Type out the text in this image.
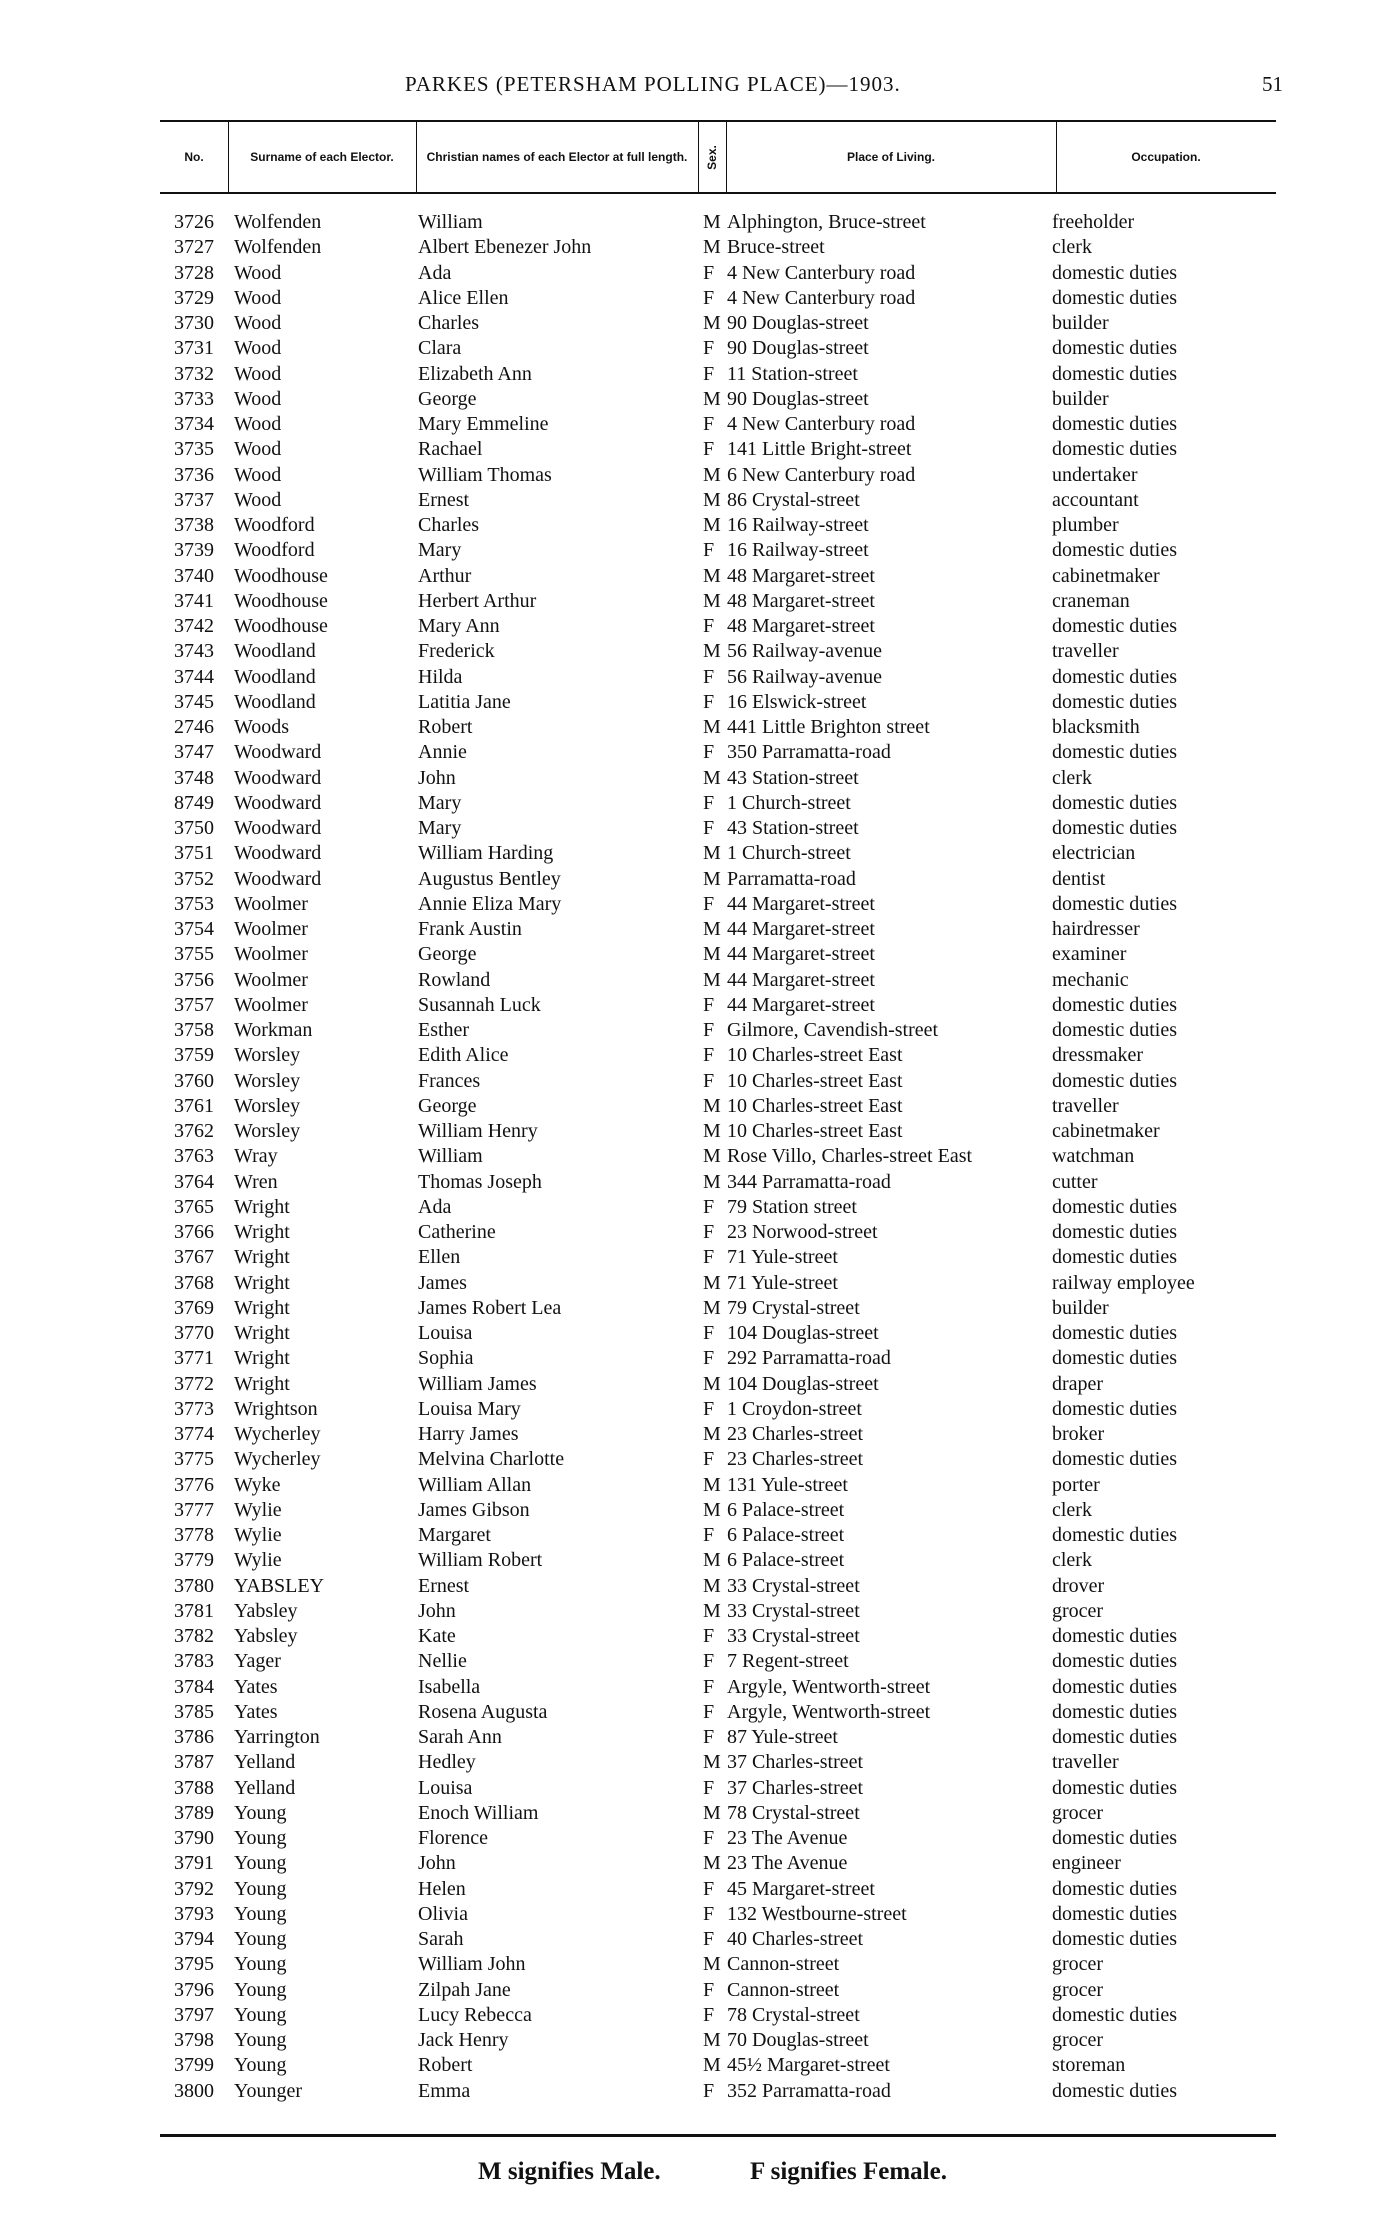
PARKES (PETERSHAM POLLING PLACE)—1903.	51
No.	Surname of each Elector.	Christian names of each Elector at full length. Sex.	Place of Living.	Occupation.
3726 Wolfenden	William	M Alphington, Bruce-street	freeholder
3727 Wolfenden	Albert Ebenezer John	M Bruce-street	clerk
3728 Wood	Ada	F 4 New Canterbury road	domestic duties
3729 Wood	Alice Ellen	F 4 New Canterbury road	domestic duties
3730 Wood	Charles	M 90 Douglas-street	builder
3731 Wood	Clara	F 90 Douglas-street	domestic duties
3732 Wood	Elizabeth Ann	F 11 Station-street	domestic duties
3733 Wood	George	M 90 Douglas-street	builder
3734 Wood	Mary Emmeline	F 4 New Canterbury road	domestic duties
3735 Wood	Rachael	F 141 Little Bright-street	domestic duties
3736 Wood	William Thomas	M 6 New Canterbury road	undertaker
3737 Wood	Ernest	M 86 Crystal-street	accountant
3738 Woodford	Charles	M 16 Railway-street	plumber
3739 Woodford	Mary	F 16 Railway-street	domestic duties
3740 Woodhouse	Arthur	M 48 Margaret-street	cabinetmaker
3741 Woodhouse	Herbert Arthur	M 48 Margaret-street	craneman
3742 Woodhouse	Mary Ann	F 48 Margaret-street	domestic duties
3743 Woodland	Frederick	M 56 Railway-avenue	traveller
3744 Woodland	Hilda	F 56 Railway-avenue	domestic duties
3745 Woodland	Latitia Jane	F 16 Elswick-street	domestic duties
2746 Woods	Robert	M 441 Little Brighton street	blacksmith
3747 Woodward	Annie	F 350 Parramatta-road	domestic duties
3748 Woodward	John	M 43 Station-street	clerk
8749 Woodward	Mary	F 1 Church-street	domestic duties
3750 Woodward	Mary	F 43 Station-street	domestic duties
3751 Woodward	William Harding	M 1 Church-street	electrician
3752 Woodward	Augustus Bentley	M Parramatta-road	dentist
3753 Woolmer	Annie Eliza Mary	F 44 Margaret-street	domestic duties
3754 Woolmer	Frank Austin	M 44 Margaret-street	hairdresser
3755 Woolmer	George	M 44 Margaret-street	examiner
3756 Woolmer	Rowland	M 44 Margaret-street	mechanic
3757 Woolmer	Susannah Luck	F 44 Margaret-street	domestic duties
3758 Workman	Esther	F Gilmore, Cavendish-street	domestic duties
3759 Worsley	Edith Alice	F 10 Charles-street East	dressmaker
3760 Worsley	Frances	F 10 Charles-street East	domestic duties
3761 Worsley	George	M 10 Charles-street East	traveller
3762 Worsley	William Henry	M 10 Charles-street East	cabinetmaker
3763 Wray	William	M Rose Villo, Charles-street East	watchman
3764 Wren	Thomas Joseph	M 344 Parramatta-road	cutter
3765 Wright	Ada	F 79 Station street	domestic duties
3766 Wright	Catherine	F 23 Norwood-street	domestic duties
3767 Wright	Ellen	F 71 Yule-street	domestic duties
3768 Wright	James	M 71 Yule-street	railway employee
3769 Wright	James Robert Lea	M 79 Crystal-street	builder
3770 Wright	Louisa	F 104 Douglas-street	domestic duties
3771 Wright	Sophia	F 292 Parramatta-road	domestic duties
3772 Wright	William James	M 104 Douglas-street	draper
3773 Wrightson	Louisa Mary	F 1 Croydon-street	domestic duties
3774 Wycherley	Harry James	M 23 Charles-street	broker
3775 Wycherley	Melvina Charlotte	F 23 Charles-street	domestic duties
3776 Wyke	William Allan	M 131 Yule-street	porter
3777 Wylie	James Gibson	M 6 Palace-street	clerk
3778 Wylie	Margaret	F 6 Palace-street	domestic duties
3779 Wylie	William Robert	M 6 Palace-street	clerk
3780 YABSLEY	Ernest	M 33 Crystal-street	drover
3781 Yabsley	John	M 33 Crystal-street	grocer
3782 Yabsley	Kate	F 33 Crystal-street	domestic duties
3783 Yager	Nellie	F 7 Regent-street	domestic duties
3784 Yates	Isabella	F Argyle, Wentworth-street	domestic duties
3785 Yates	Rosena Augusta	F Argyle, Wentworth-street	domestic duties
3786 Yarrington	Sarah Ann	F 87 Yule-street	domestic duties
3787 Yelland	Hedley	M 37 Charles-street	traveller
3788 Yelland	Louisa	F 37 Charles-street	domestic duties
3789 Young	Enoch William	M 78 Crystal-street	grocer
3790 Young	Florence	F 23 The Avenue	domestic duties
3791 Young	John	M 23 The Avenue	engineer
3792 Young	Helen	F 45 Margaret-street	domestic duties
3793 Young	Olivia	F 132 Westbourne-street	domestic duties
3794 Young	Sarah	F 40 Charles-street	domestic duties
3795 Young	William John	M Cannon-street	grocer
3796 Young	Zilpah Jane	F Cannon-street	grocer
3797 Young	Lucy Rebecca	F 78 Crystal-street	domestic duties
3798 Young	Jack Henry	M 70 Douglas-street	grocer
3799 Young	Robert	M 45½ Margaret-street	storeman
3800 Younger	Emma	F 352 Parramatta-road	domestic duties
M signifies Male.	F signifies Female.
